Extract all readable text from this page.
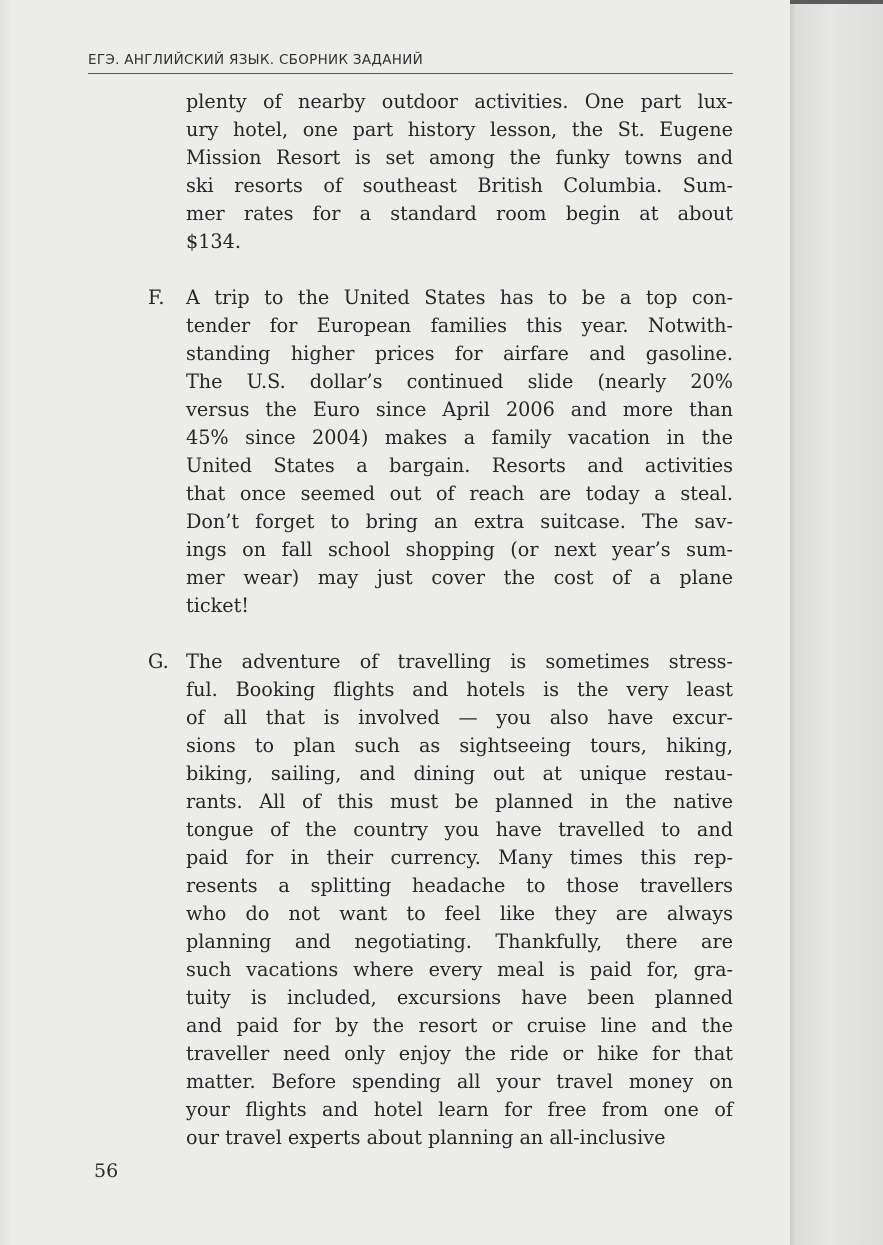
ЕГЭ. АНГЛИЙСКИЙ ЯЗЫК. СБОРНИК ЗАДАНИЙ
plenty of nearby outdoor activities. One part lux-
ury hotel, one part history lesson, the St. Eugene
Mission Resort is set among the funky towns and
ski resorts of southeast British Columbia. Sum-
mer rates for a standard room begin at about
$134.
F. A trip to the United States has to be a top con-
tender for European families this year. Notwith-
standing higher prices for airfare and gasoline.
The U.S. dollar’s continued slide (nearly 20%
versus the Euro since April 2006 and more than
45% since 2004) makes a family vacation in the
United States a bargain. Resorts and activities
that once seemed out of reach are today a steal.
Don’t forget to bring an extra suitcase. The sav-
ings on fall school shopping (or next year’s sum-
mer wear) may just cover the cost of a plane
ticket!
G. The adventure of travelling is sometimes stress-
ful. Booking flights and hotels is the very least
of all that is involved — you also have excur-
sions to plan such as sightseeing tours, hiking,
biking, sailing, and dining out at unique restau-
rants. All of this must be planned in the native
tongue of the country you have travelled to and
paid for in their currency. Many times this rep-
resents a splitting headache to those travellers
who do not want to feel like they are always
planning and negotiating. Thankfully, there are
such vacations where every meal is paid for, gra-
tuity is included, excursions have been planned
and paid for by the resort or cruise line and the
traveller need only enjoy the ride or hike for that
matter. Before spending all your travel money on
your flights and hotel learn for free from one of
our travel experts about planning an all-inclusive
56
